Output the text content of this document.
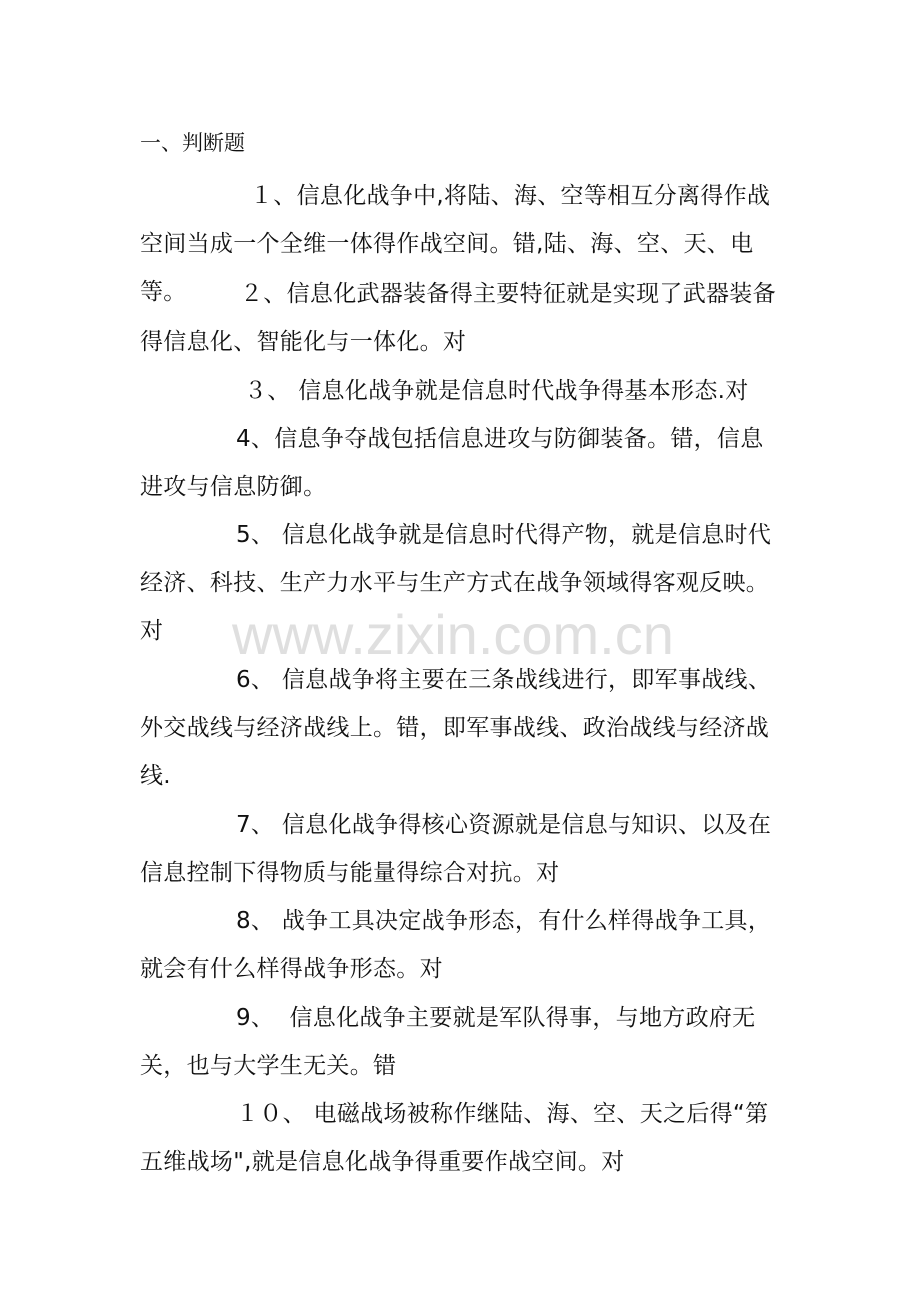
一、判断题
１、信息化战争中,将陆、海、空等相互分离得作战空间当成一个全维一体得作战空间。错,陆、海、空、天、电等。	２、信息化武器装备得主要特征就是实现了武器装备得信息化、智能化与一体化。对
３、 信息化战争就是信息时代战争得基本形态.对
4、信息争夺战包括信息进攻与防御装备。错，信息进攻与信息防御。
5、 信息化战争就是信息时代得产物，就是信息时代经济、科技、生产力水平与生产方式在战争领域得客观反映。对
6、 信息战争将主要在三条战线进行，即军事战线、外交战线与经济战线上。错，即军事战线、政治战线与经济战线.
7、 信息化战争得核心资源就是信息与知识、以及在信息控制下得物质与能量得综合对抗。对
8、 战争工具决定战争形态，有什么样得战争工具，就会有什么样得战争形态。对
9、  信息化战争主要就是军队得事，与地方政府无关，也与大学生无关。错
１０、 电磁战场被称作继陆、海、空、天之后得“第五维战场",就是信息化战争得重要作战空间。对
www.zixin.com.cn
